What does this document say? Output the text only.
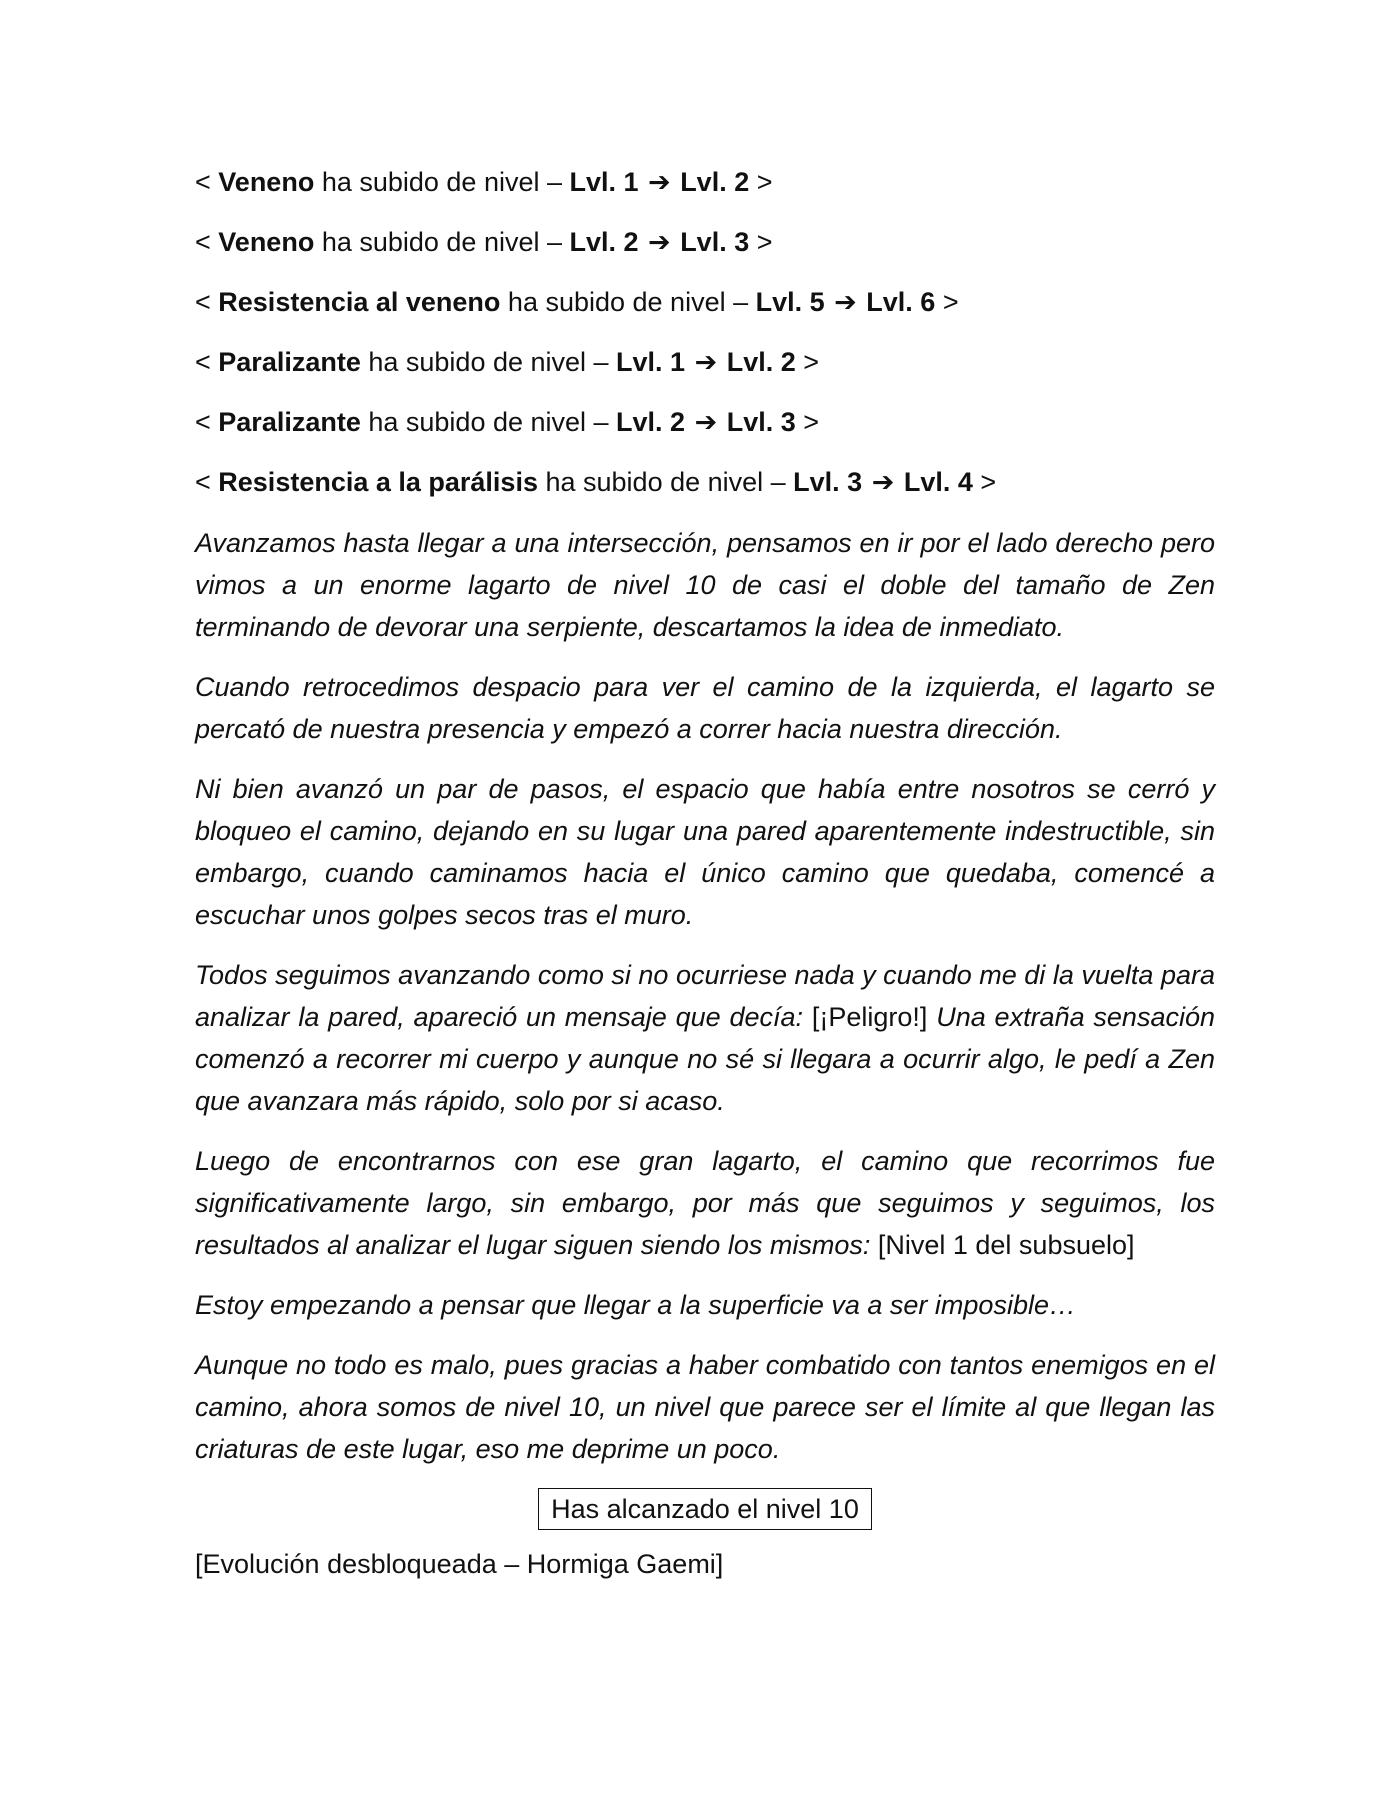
< Veneno ha subido de nivel – Lvl. 1 ➔ Lvl. 2 >

< Veneno ha subido de nivel – Lvl. 2 ➔ Lvl. 3 >

< Resistencia al veneno ha subido de nivel – Lvl. 5 ➔ Lvl. 6 >

< Paralizante ha subido de nivel – Lvl. 1 ➔ Lvl. 2 >

< Paralizante ha subido de nivel – Lvl. 2 ➔ Lvl. 3 >

< Resistencia a la parálisis ha subido de nivel – Lvl. 3 ➔ Lvl. 4 >

Avanzamos hasta llegar a una intersección, pensamos en ir por el lado derecho pero vimos a un enorme lagarto de nivel 10 de casi el doble del tamaño de Zen terminando de devorar una serpiente, descartamos la idea de inmediato.

Cuando retrocedimos despacio para ver el camino de la izquierda, el lagarto se percató de nuestra presencia y empezó a correr hacia nuestra dirección.

Ni bien avanzó un par de pasos, el espacio que había entre nosotros se cerró y bloqueo el camino, dejando en su lugar una pared aparentemente indestructible, sin embargo, cuando caminamos hacia el único camino que quedaba, comencé a escuchar unos golpes secos tras el muro.

Todos seguimos avanzando como si no ocurriese nada y cuando me di la vuelta para analizar la pared, apareció un mensaje que decía: [¡Peligro!] Una extraña sensación comenzó a recorrer mi cuerpo y aunque no sé si llegara a ocurrir algo, le pedí a Zen que avanzara más rápido, solo por si acaso.

Luego de encontrarnos con ese gran lagarto, el camino que recorrimos fue significativamente largo, sin embargo, por más que seguimos y seguimos, los resultados al analizar el lugar siguen siendo los mismos: [Nivel 1 del subsuelo]

Estoy empezando a pensar que llegar a la superficie va a ser imposible…

Aunque no todo es malo, pues gracias a haber combatido con tantos enemigos en el camino, ahora somos de nivel 10, un nivel que parece ser el límite al que llegan las criaturas de este lugar, eso me deprime un poco.

Has alcanzado el nivel 10

[Evolución desbloqueada – Hormiga Gaemi]
